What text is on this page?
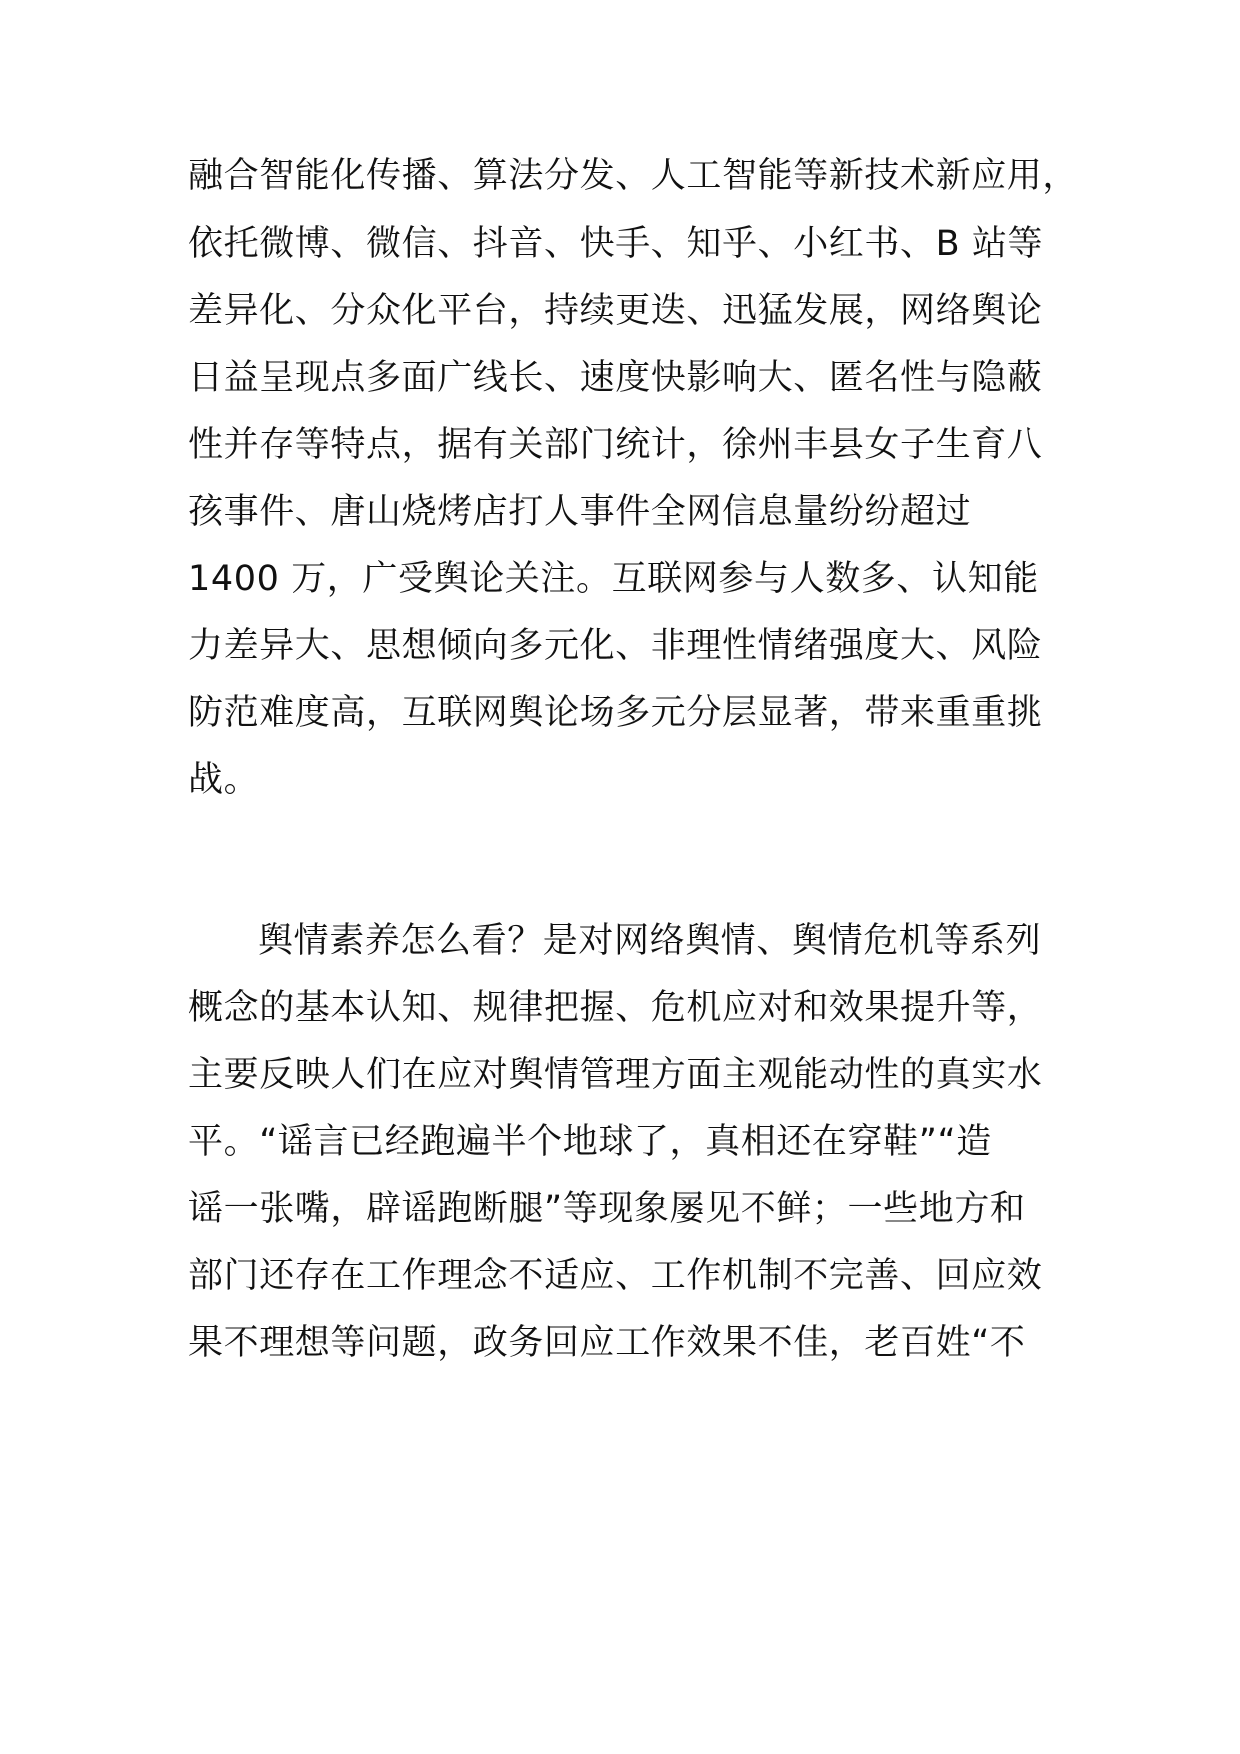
融合智能化传播、算法分发、人工智能等新技术新应用，
依托微博、微信、抖音、快手、知乎、小红书、B 站等
差异化、分众化平台，持续更迭、迅猛发展，网络舆论
日益呈现点多面广线长、速度快影响大、匿名性与隐蔽
性并存等特点，据有关部门统计，徐州丰县女子生育八
孩事件、唐山烧烤店打人事件全网信息量纷纷超过
1400 万，广受舆论关注。互联网参与人数多、认知能
力差异大、思想倾向多元化、非理性情绪强度大、风险
防范难度高，互联网舆论场多元分层显著，带来重重挑
战。
舆情素养怎么看？是对网络舆情、舆情危机等系列
概念的基本认知、规律把握、危机应对和效果提升等，
主要反映人们在应对舆情管理方面主观能动性的真实水
平。“谣言已经跑遍半个地球了，真相还在穿鞋”“造
谣一张嘴，辟谣跑断腿”等现象屡见不鲜；一些地方和
部门还存在工作理念不适应、工作机制不完善、回应效
果不理想等问题，政务回应工作效果不佳，老百姓“不
